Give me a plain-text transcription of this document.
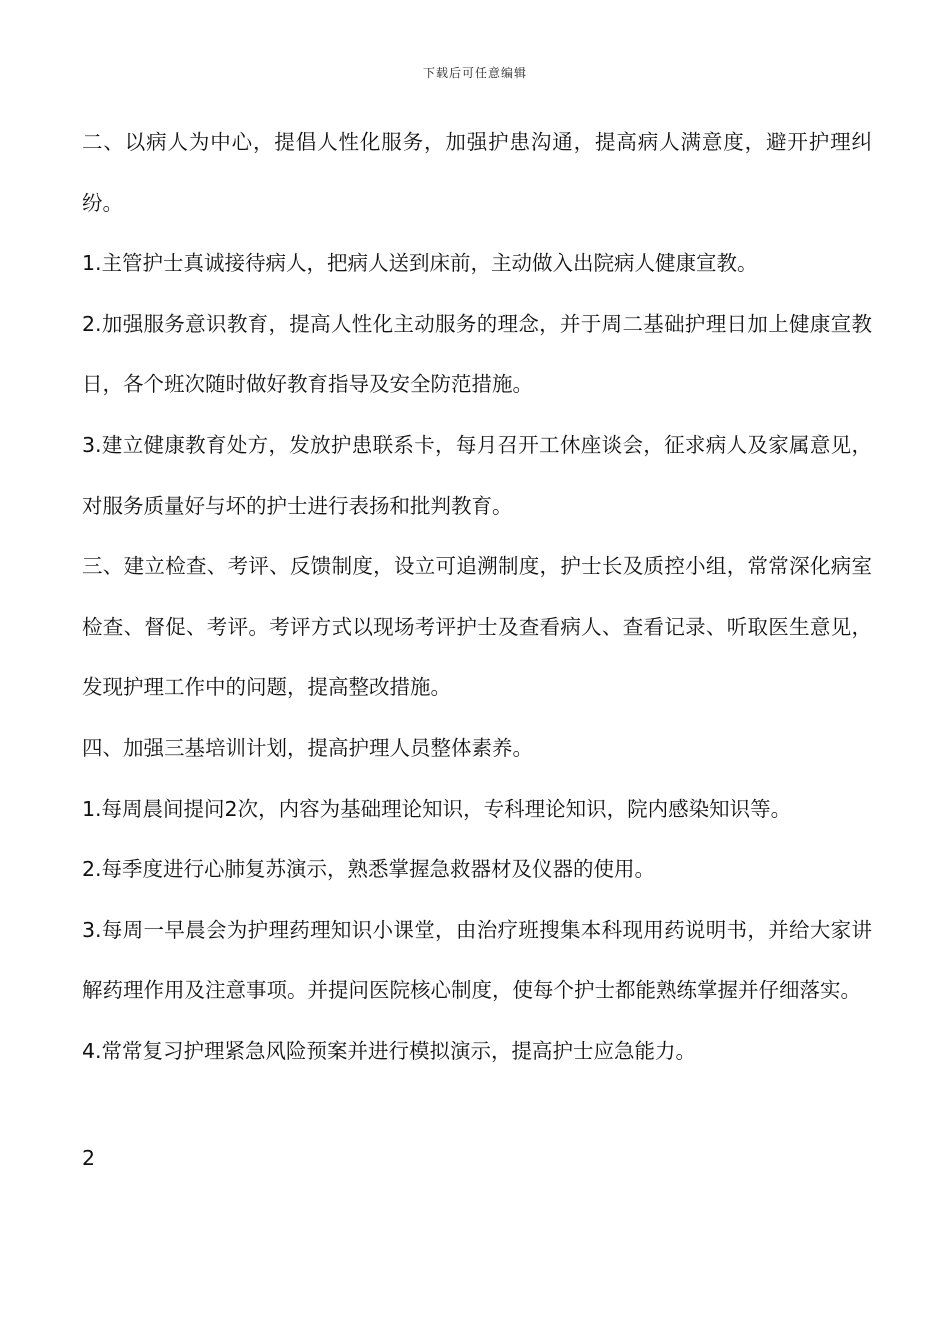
下载后可任意编辑

二、以病人为中心，提倡人性化服务，加强护患沟通，提高病人满意度，避开护理纠纷。

1.主管护士真诚接待病人，把病人送到床前，主动做入出院病人健康宣教。

2.加强服务意识教育，提高人性化主动服务的理念，并于周二基础护理日加上健康宣教日，各个班次随时做好教育指导及安全防范措施。

3.建立健康教育处方，发放护患联系卡，每月召开工休座谈会，征求病人及家属意见，对服务质量好与坏的护士进行表扬和批判教育。

三、建立检查、考评、反馈制度，设立可追溯制度，护士长及质控小组，常常深化病室检查、督促、考评。考评方式以现场考评护士及查看病人、查看记录、听取医生意见，发现护理工作中的问题，提高整改措施。

四、加强三基培训计划，提高护理人员整体素养。

1.每周晨间提问2次，内容为基础理论知识，专科理论知识，院内感染知识等。

2.每季度进行心肺复苏演示，熟悉掌握急救器材及仪器的使用。

3.每周一早晨会为护理药理知识小课堂，由治疗班搜集本科现用药说明书，并给大家讲解药理作用及注意事项。并提问医院核心制度，使每个护士都能熟练掌握并仔细落实。

4.常常复习护理紧急风险预案并进行模拟演示，提高护士应急能力。

2
